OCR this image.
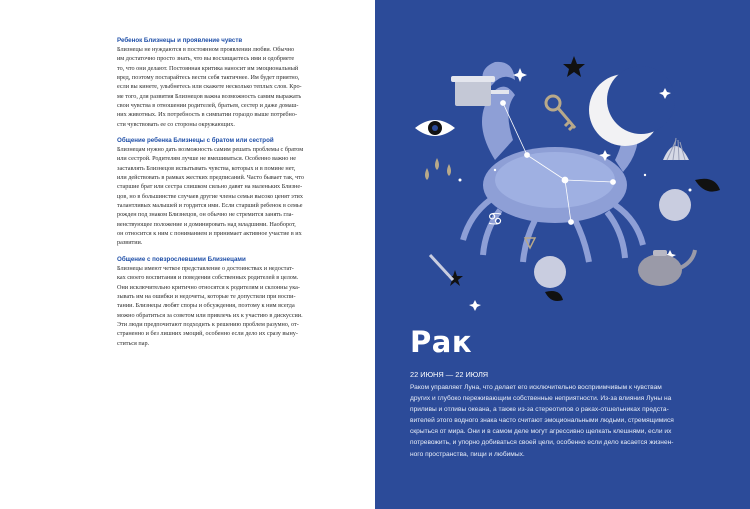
Ребенок Близнецы и проявление чувств

Близнецы не нуждаются в постоянном проявлении любви. Обычно

им достаточно просто знать, что вы восхищаетесь ими и одобряете

то, что они делают. Постоянная критика наносит им эмоциональный

вред, поэтому постарайтесь вести себя тактичнее. Им будет приятно,

если вы кинете, улыбнетесь или скажете несколько теплых слов. Кро-

ме того, для развития Близнецов важна возможность самим выражать

свои чувства в отношении родителей, братьев, сестер и даже домаш-

них животных. Их потребность в симпатии гораздо выше потребно-

сти чувствовать ее со стороны окружающих.

Общение ребенка Близнецы с братом или сестрой

Близнецам нужно дать возможность самим решать проблемы с братом

или сестрой. Родителям лучше не вмешиваться. Особенно важно не

заставлять Близнецов испытывать чувства, которых и в помине нет,

или действовать в рамках жестких предписаний. Часто бывает так, что

старшие брат или сестра слишком сильно давят на маленьких Близне-

цов, но в большинстве случаев другие члены семьи высоко ценят этих

талантливых малышей и гордятся ими. Если старший ребенок в семье

рожден под знаком Близнецов, он обычно не стремится занять гла-

венствующее положение и доминировать над младшими. Наоборот,

он относится к ним с пониманием и принимает активное участие в их

развитии.

Общение с повзрослевшими Близнецами

Близнецы имеют четкое представление о достоинствах и недостат-

ках своего воспитания и поведении собственных родителей в целом.

Они исключительно критично относятся к родителям и склонны ука-

зывать им на ошибки и недочеты, которые те допустили при воспи-

тании. Близнецы любят споры и обсуждения, поэтому к ним всегда

можно обратиться за советом или привлечь их к участию в дискуссии.

Эти люди предпочитают подходить к решению проблем разумно, от-

страненно и без лишних эмоций, особенно если дело их сразу выну-

ститься пар.

♋
Рак

22 ИЮНЯ — 22 ИЮЛЯ

Раком управляет Луна, что делает его исключительно восприимчивым к чувствам

других и глубоко переживающим собственные неприятности. Из-за влияния Луны на

приливы и отливы океана, а также из-за стереотипов о раках-отшельниках предста-

вителей этого водного знака часто считают эмоциональными людьми, стремящимися

скрыться от мира. Они и в самом деле могут агрессивно щелкать клешнями, если их

потревожить, и упорно добиваться своей цели, особенно если дело касается жизнен-

ного пространства, пищи и любимых.
